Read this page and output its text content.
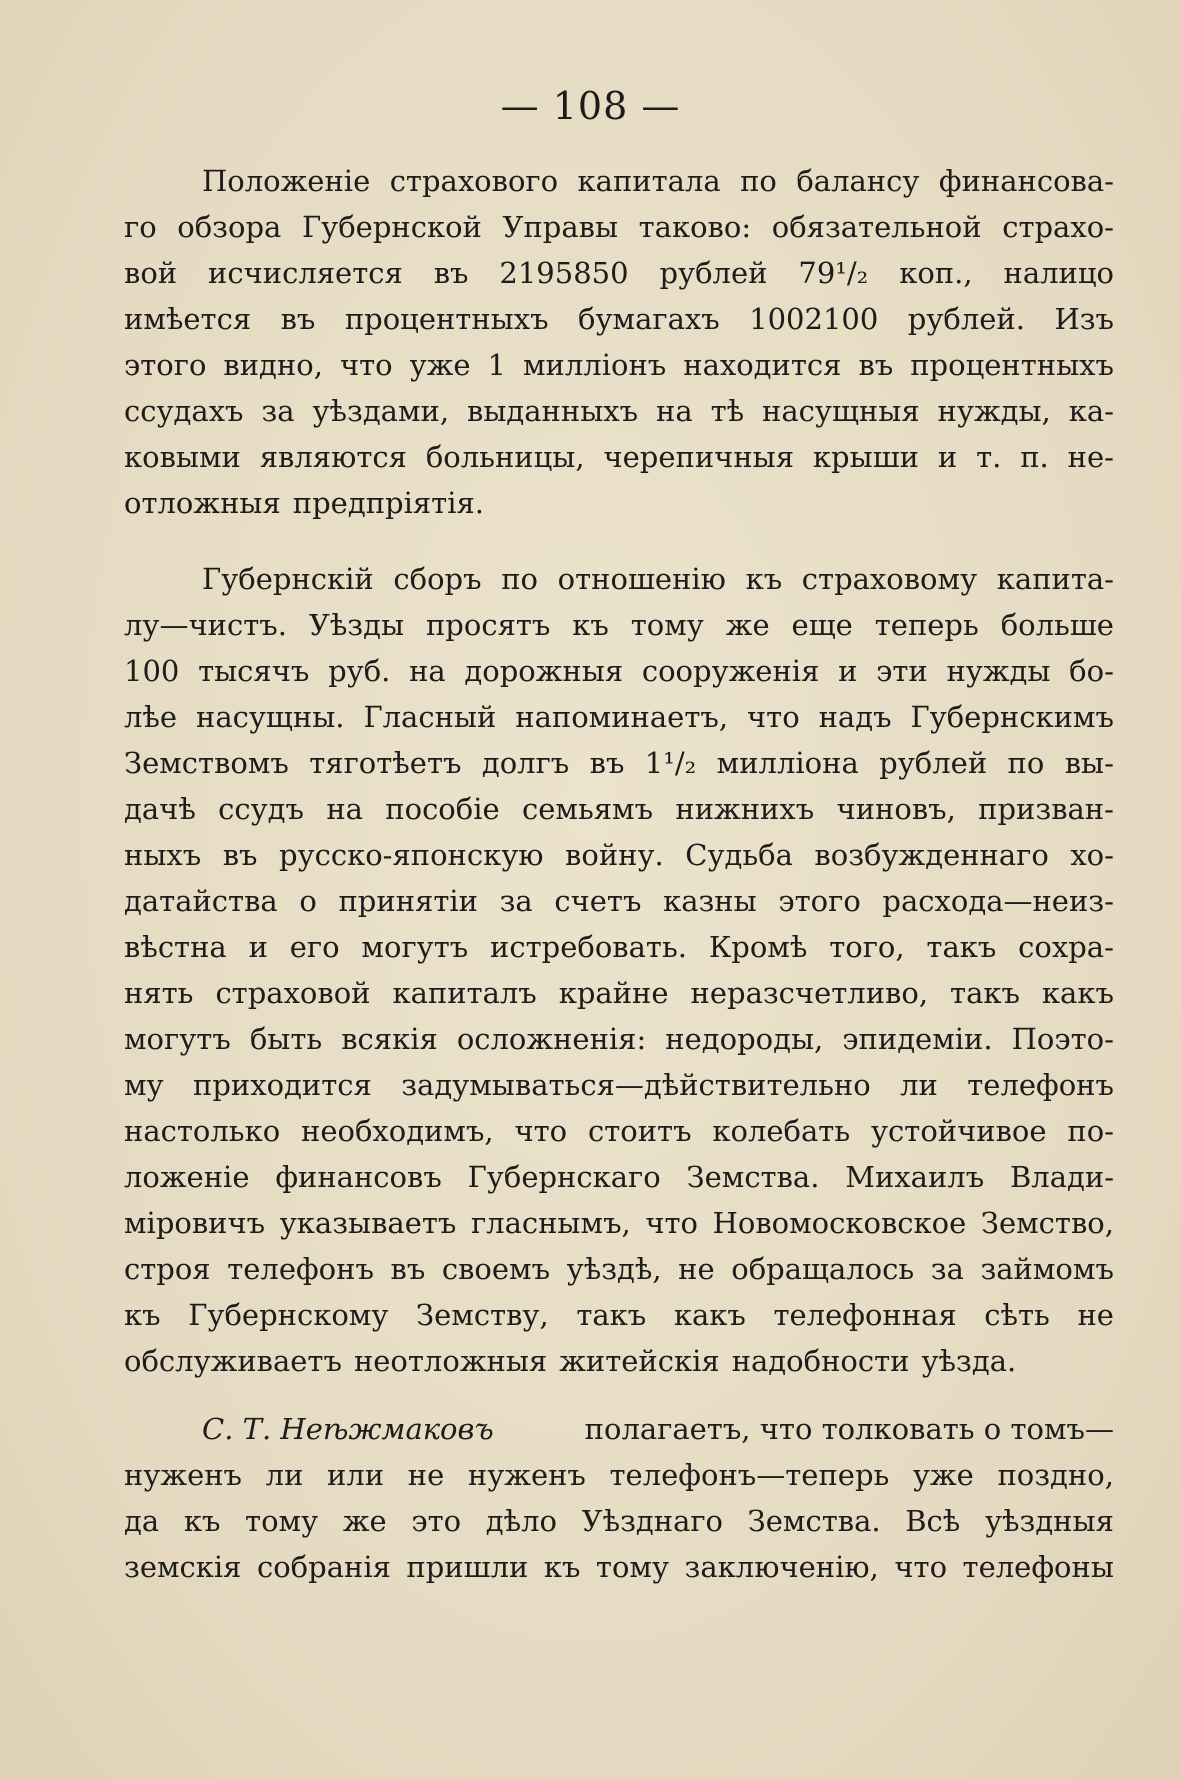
— 108 —
Положеніе страхового капитала по балансу финансова-
го обзора Губернской Управы таково: обязательной страхо-
вой исчисляется въ 2195850 рублей 79¹/₂ коп., налицо
имѣется въ процентныхъ бумагахъ 1002100 рублей. Изъ
этого видно, что уже 1 милліонъ находится въ процентныхъ
ссудахъ за уѣздами, выданныхъ на тѣ насущныя нужды, ка-
ковыми являются больницы, черепичныя крыши и т. п. не-
отложныя предпріятія.
Губернскій сборъ по отношенію къ страховому капита-
лу—чистъ. Уѣзды просятъ къ тому же еще теперь больше
100 тысячъ руб. на дорожныя сооруженія и эти нужды бо-
лѣе насущны. Гласный напоминаетъ, что надъ Губернскимъ
Земствомъ тяготѣетъ долгъ въ 1¹/₂ милліона рублей по вы-
дачѣ ссудъ на пособіе семьямъ нижнихъ чиновъ, призван-
ныхъ въ русско-японскую войну. Судьба возбужденнаго хо-
датайства о принятіи за счетъ казны этого расхода—неиз-
вѣстна и его могутъ истребовать. Кромѣ того, такъ сохра-
нять страховой капиталъ крайне неразсчетливо, такъ какъ
могутъ быть всякія осложненія: недороды, эпидеміи. Поэто-
му приходится задумываться—дѣйствительно ли телефонъ
настолько необходимъ, что стоитъ колебать устойчивое по-
ложеніе финансовъ Губернскаго Земства. Михаилъ Влади-
міровичъ указываетъ гласнымъ, что Новомосковское Земство,
строя телефонъ въ своемъ уѣздѣ, не обращалось за займомъ
къ Губернскому Земству, такъ какъ телефонная сѣть не
обслуживаетъ неотложныя житейскія надобности уѣзда.
С. Т. Неѣжмаковъ	полагаетъ, что толковать о томъ—
нуженъ ли или не нуженъ телефонъ—теперь уже поздно,
да къ тому же это дѣло Уѣзднаго Земства. Всѣ уѣздныя
земскія собранія пришли къ тому заключенію, что телефоны
